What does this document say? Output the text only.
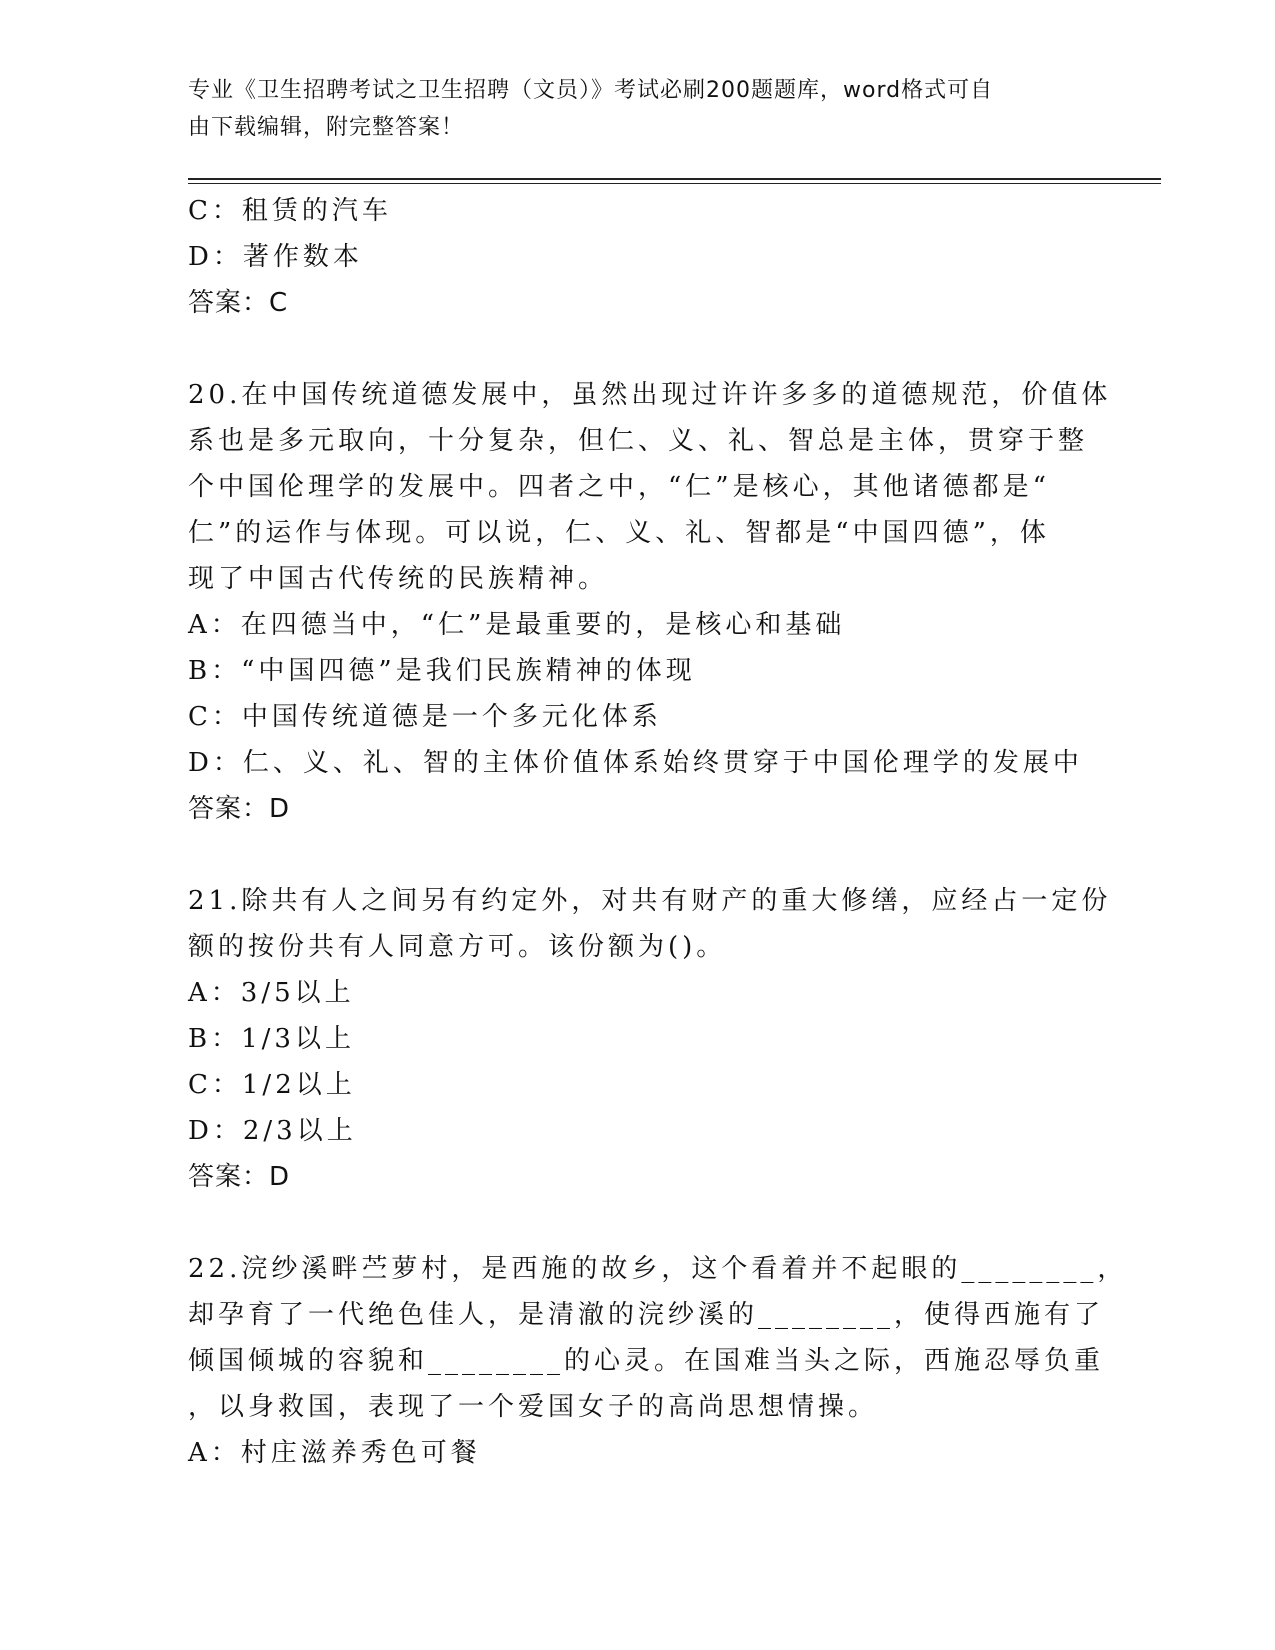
专业《卫生招聘考试之卫生招聘（文员）》考试必刷200题题库，word格式可自
由下载编辑，附完整答案！
C：租赁的汽车
D：著作数本
答案：C
20.在中国传统道德发展中，虽然出现过许许多多的道德规范，价值体
系也是多元取向，十分复杂，但仁、义、礼、智总是主体，贯穿于整
个中国伦理学的发展中。四者之中，“仁”是核心，其他诸德都是“
仁”的运作与体现。可以说，仁、义、礼、智都是“中国四德”，体
现了中国古代传统的民族精神。
A：在四德当中，“仁”是最重要的，是核心和基础
B：“中国四德”是我们民族精神的体现
C：中国传统道德是一个多元化体系
D：仁、义、礼、智的主体价值体系始终贯穿于中国伦理学的发展中
答案：D
21.除共有人之间另有约定外，对共有财产的重大修缮，应经占一定份
额的按份共有人同意方可。该份额为()。
A：3/5以上
B：1/3以上
C：1/2以上
D：2/3以上
答案：D
22.浣纱溪畔苎萝村，是西施的故乡，这个看着并不起眼的________，
却孕育了一代绝色佳人，是清澈的浣纱溪的________，使得西施有了
倾国倾城的容貌和________的心灵。在国难当头之际，西施忍辱负重
，以身救国，表现了一个爱国女子的高尚思想情操。
A：村庄滋养秀色可餐
